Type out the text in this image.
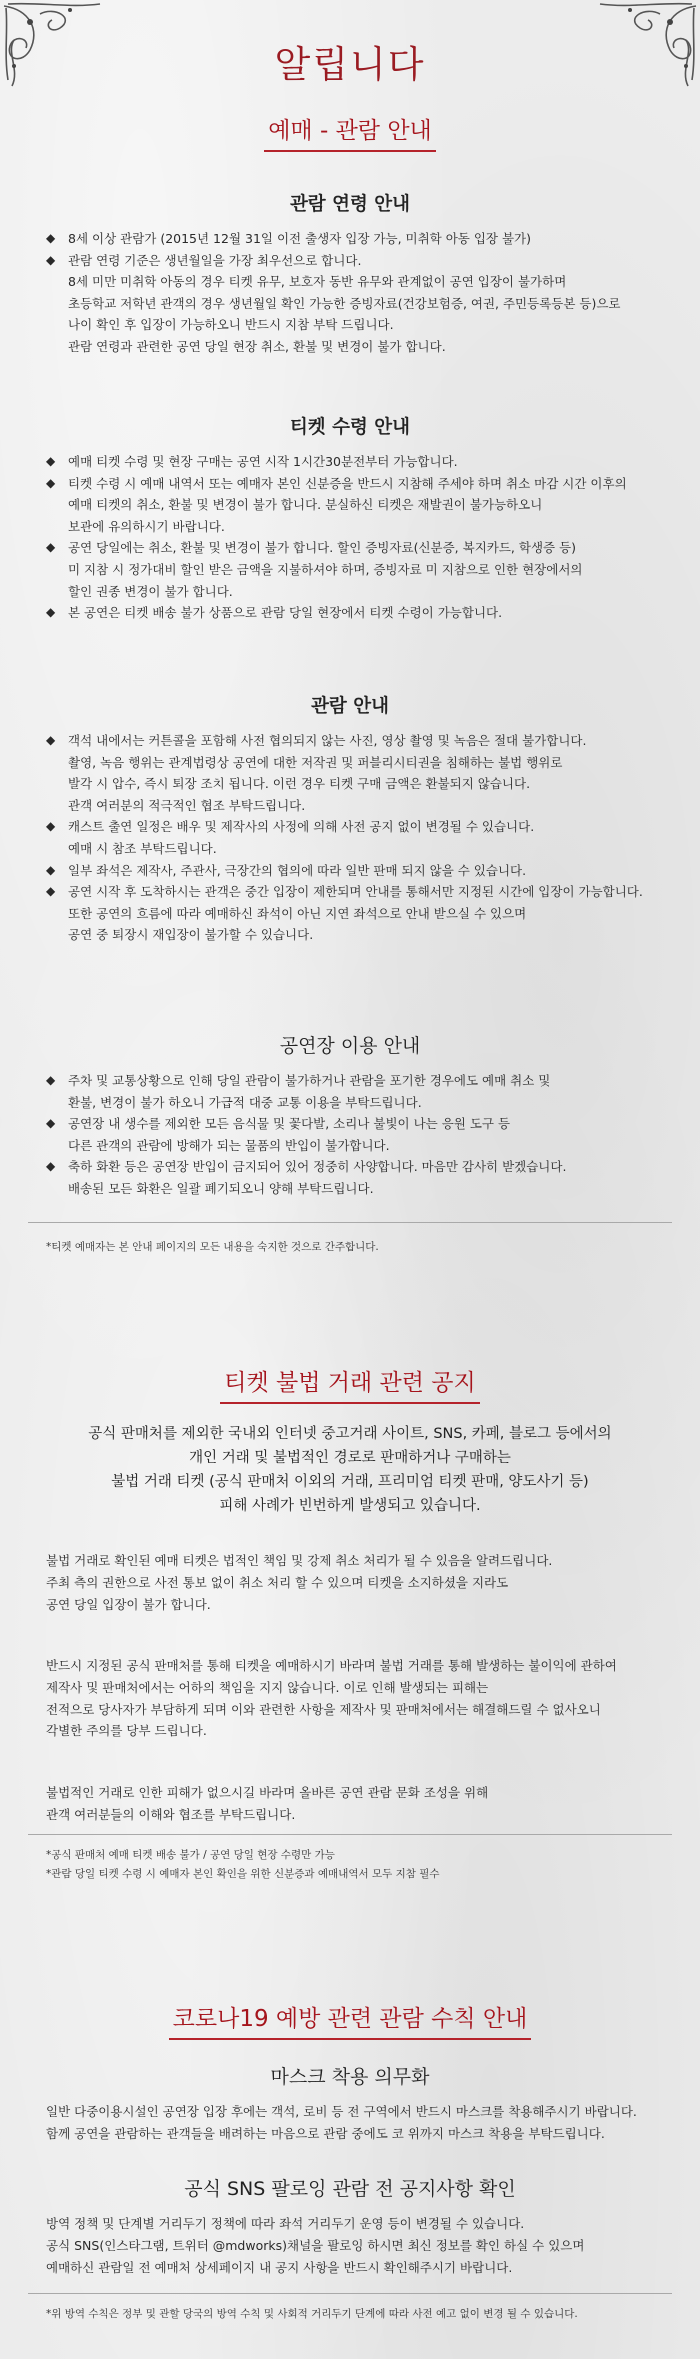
알립니다
예매 - 관람 안내
관람 연령 안내
◆	8세 이상 관람가 (2015년 12월 31일 이전 출생자 입장 가능, 미취학 아동 입장 불가)
◆	관람 연령 기준은 생년월일을 가장 최우선으로 합니다.
8세 미만 미취학 아동의 경우 티켓 유무, 보호자 동반 유무와 관계없이 공연 입장이 불가하며
초등학교 저학년 관객의 경우 생년월일 확인 가능한 증빙자료(건강보험증, 여권, 주민등록등본 등)으로
나이 확인 후 입장이 가능하오니 반드시 지참 부탁 드립니다.
관람 연령과 관련한 공연 당일 현장 취소, 환불 및 변경이 불가 합니다.
티켓 수령 안내
◆	예매 티켓 수령 및 현장 구매는 공연 시작 1시간30분전부터 가능합니다.
◆	티켓 수령 시 예매 내역서 또는 예매자 본인 신분증을 반드시 지참해 주세야 하며 취소 마감 시간 이후의
예매 티켓의 취소, 환불 및 변경이 불가 합니다. 분실하신 티켓은 재발권이 불가능하오니
보관에 유의하시기 바랍니다.
◆	공연 당일에는 취소, 환불 및 변경이 불가 합니다. 할인 증빙자료(신분증, 복지카드, 학생증 등)
미 지참 시 정가대비 할인 받은 금액을 지불하셔야 하며, 증빙자료 미 지참으로 인한 현장에서의
할인 권종 변경이 불가 합니다.
◆	본 공연은 티켓 배송 불가 상품으로 관람 당일 현장에서 티켓 수령이 가능합니다.
관람 안내
◆	객석 내에서는 커튼콜을 포함해 사전 협의되지 않는 사진, 영상 촬영 및 녹음은 절대 불가합니다.
촬영, 녹음 행위는 관계법령상 공연에 대한 저작권 및 퍼블리시티권을 침해하는 불법 행위로
발각 시 압수, 즉시 퇴장 조치 됩니다. 이런 경우 티켓 구매 금액은 환불되지 않습니다.
관객 여러분의 적극적인 협조 부탁드립니다.
◆	캐스트 출연 일정은 배우 및 제작사의 사정에 의해 사전 공지 없이 변경될 수 있습니다.
예매 시 참조 부탁드립니다.
◆	일부 좌석은 제작사, 주관사, 극장간의 협의에 따라 일반 판매 되지 않을 수 있습니다.
◆	공연 시작 후 도착하시는 관객은 중간 입장이 제한되며 안내를 통해서만 지정된 시간에 입장이 가능합니다.
또한 공연의 흐름에 따라 예매하신 좌석이 아닌 지연 좌석으로 안내 받으실 수 있으며
공연 중 퇴장시 재입장이 불가할 수 있습니다.
공연장 이용 안내
◆	주차 및 교통상황으로 인해 당일 관람이 불가하거나 관람을 포기한 경우에도 예매 취소 및
환불, 변경이 불가 하오니 가급적 대중 교통 이용을 부탁드립니다.
◆	공연장 내 생수를 제외한 모든 음식물 및 꽃다발, 소리나 불빛이 나는 응원 도구 등
다른 관객의 관람에 방해가 되는 물품의 반입이 불가합니다.
◆	축하 화환 등은 공연장 반입이 금지되어 있어 정중히 사양합니다. 마음만 감사히 받겠습니다.
배송된 모든 화환은 일괄 폐기되오니 양해 부탁드립니다.
*티켓 예매자는 본 안내 페이지의 모든 내용을 숙지한 것으로 간주합니다.
티켓 불법 거래 관련 공지
공식 판매처를 제외한 국내외 인터넷 중고거래 사이트, SNS, 카페, 블로그 등에서의
개인 거래 및 불법적인 경로로 판매하거나 구매하는
불법 거래 티켓 (공식 판매처 이외의 거래, 프리미엄 티켓 판매, 양도사기 등)
피해 사례가 빈번하게 발생되고 있습니다.
불법 거래로 확인된 예매 티켓은 법적인 책임 및 강제 취소 처리가 될 수 있음을 알려드립니다.
주최 측의 권한으로 사전 통보 없이 취소 처리 할 수 있으며 티켓을 소지하셨을 지라도
공연 당일 입장이 불가 합니다.
반드시 지정된 공식 판매처를 통해 티켓을 예매하시기 바라며 불법 거래를 통해 발생하는 불이익에 관하여
제작사 및 판매처에서는 어하의 책임을 지지 않습니다. 이로 인해 발생되는 피해는
전적으로 당사자가 부담하게 되며 이와 관련한 사항을 제작사 및 판매처에서는 해결해드릴 수 없사오니
각별한 주의를 당부 드립니다.
불법적인 거래로 인한 피해가 없으시길 바라며 올바른 공연 관람 문화 조성을 위해
관객 여러분들의 이해와 협조를 부탁드립니다.
*공식 판매처 예매 티켓 배송 불가 / 공연 당일 현장 수령만 가능
*관람 당일 티켓 수령 시 예매자 본인 확인을 위한 신분증과 예매내역서 모두 지참 필수
코로나19 예방 관련 관람 수칙 안내
마스크 착용 의무화
일반 다중이용시설인 공연장 입장 후에는 객석, 로비 등 전 구역에서 반드시 마스크를 착용해주시기 바랍니다.
함께 공연을 관람하는 관객들을 배려하는 마음으로 관람 중에도 코 위까지 마스크 착용을 부탁드립니다.
공식 SNS 팔로잉 관람 전 공지사항 확인
방역 정책 및 단계별 거리두기 정책에 따라 좌석 거리두기 운영 등이 변경될 수 있습니다.
공식 SNS(인스타그램, 트위터 @mdworks)채널을 팔로잉 하시면 최신 정보를 확인 하실 수 있으며
예매하신 관람일 전 예매처 상세페이지 내 공지 사항을 반드시 확인해주시기 바랍니다.
*위 방역 수칙은 정부 및 관할 당국의 방역 수칙 및 사회적 거리두기 단계에 따라 사전 예고 없이 변경 될 수 있습니다.
